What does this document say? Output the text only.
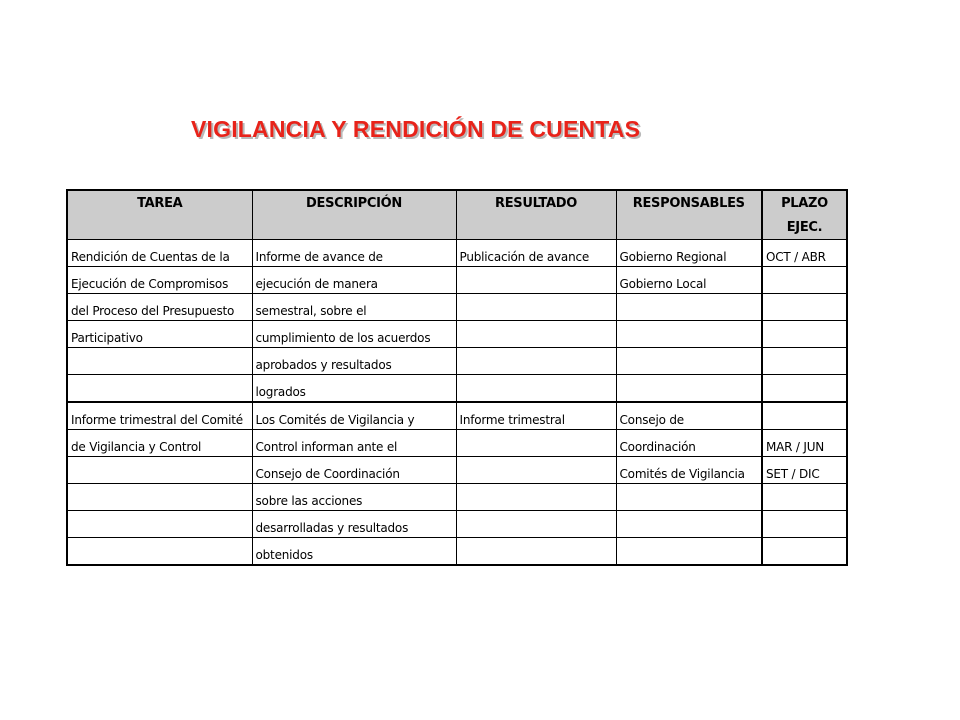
VIGILANCIA Y RENDICIÓN DE CUENTAS
TAREA	DESCRIPCIÓN	RESULTADO	RESPONSABLES	PLAZO
				EJEC.
Rendición de Cuentas de la	Informe de avance de	Publicación de avance	Gobierno Regional	OCT / ABR
Ejecución de Compromisos	ejecución de manera		Gobierno Local	
del Proceso del Presupuesto	semestral, sobre el			
Participativo	cumplimiento de los acuerdos			
	aprobados y resultados			
	logrados			
Informe trimestral del Comité	Los Comités de Vigilancia y	Informe trimestral	Consejo de	
de Vigilancia y Control	Control informan ante el		Coordinación	MAR / JUN
	Consejo de Coordinación		Comités de Vigilancia	SET / DIC
	sobre las acciones			
	desarrolladas y resultados			
	obtenidos			
